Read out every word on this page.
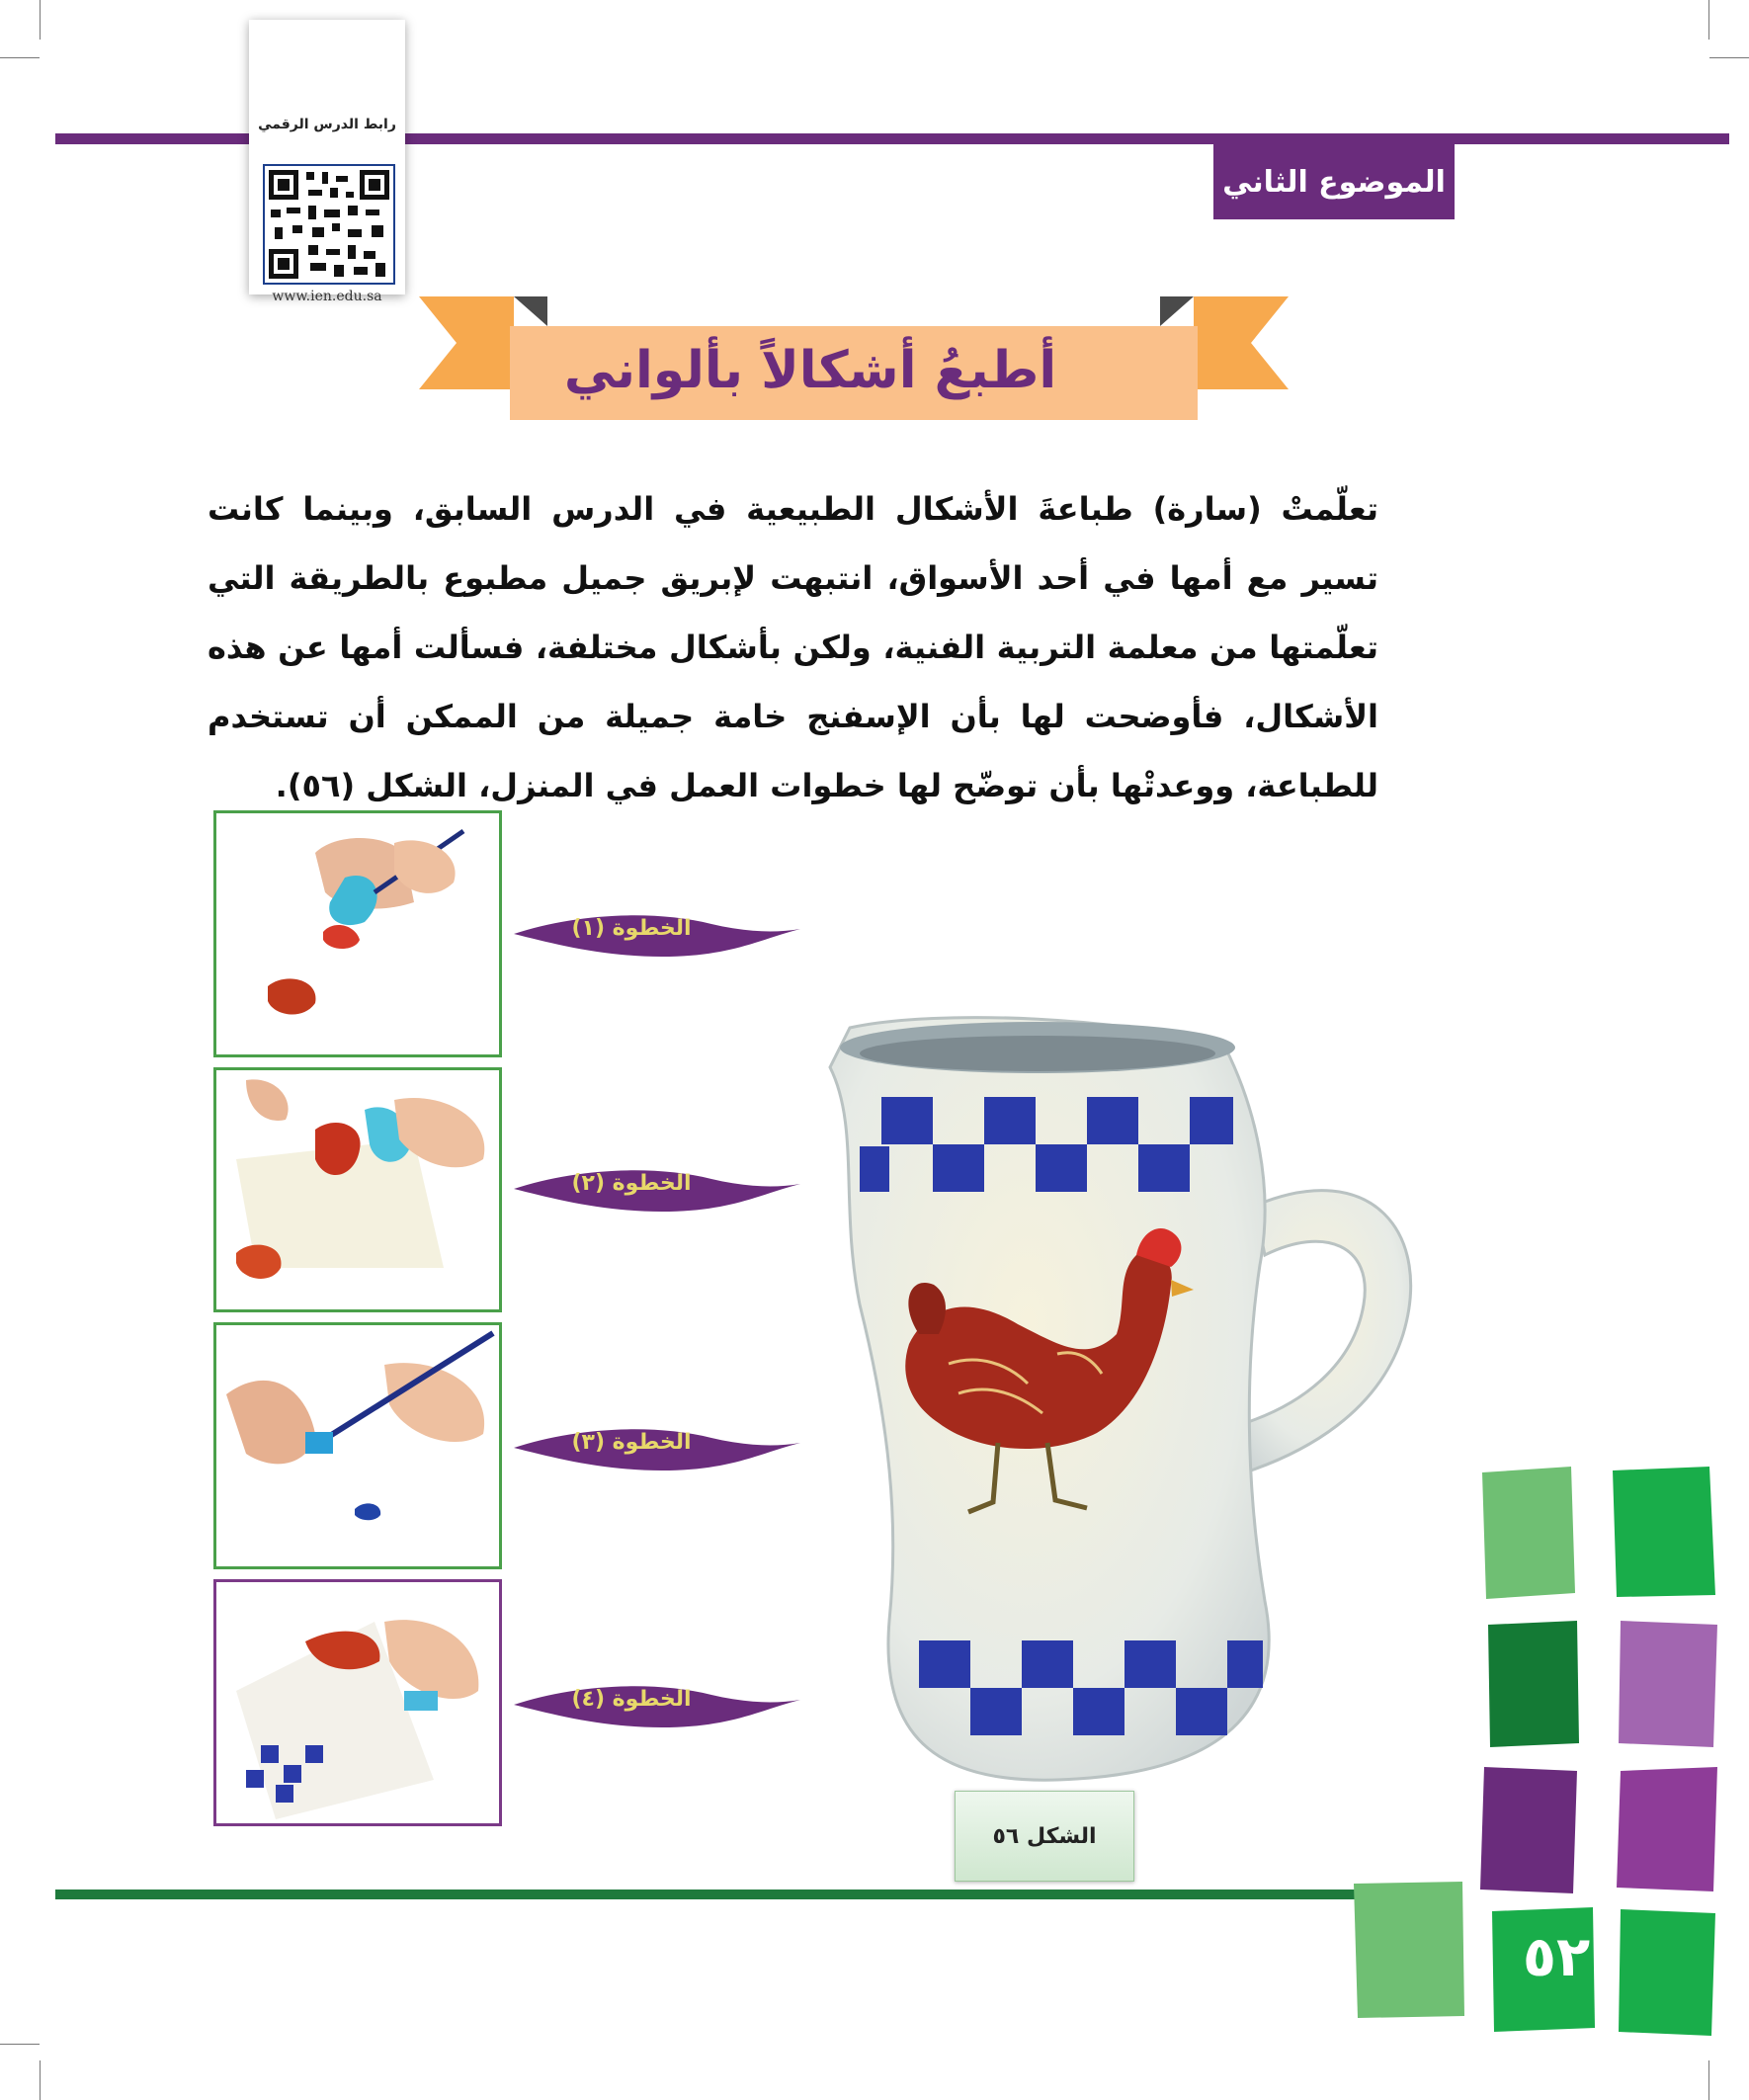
الموضوع الثاني
رابط الدرس الرقمي
www.ien.edu.sa
أطبعُ أشكالاً بألواني
تعلّمتْ (سارة) طباعةَ الأشكال الطبيعية في الدرس السابق، وبينما كانت تسير مع أمها في أحد الأسواق، انتبهت لإبريق جميل مطبوع بالطريقة التي تعلّمتها من معلمة التربية الفنية، ولكن بأشكال مختلفة، فسألت أمها عن هذه الأشكال، فأوضحت لها بأن الإسفنج خامة جميلة من الممكن أن تستخدم للطباعة، ووعدتْها بأن توضّح لها خطوات العمل في المنزل، الشكل (٥٦).
الخطوة (١)
الخطوة (٢)
الخطوة (٣)
الخطوة (٤)
الشكل ٥٦
٥٢
